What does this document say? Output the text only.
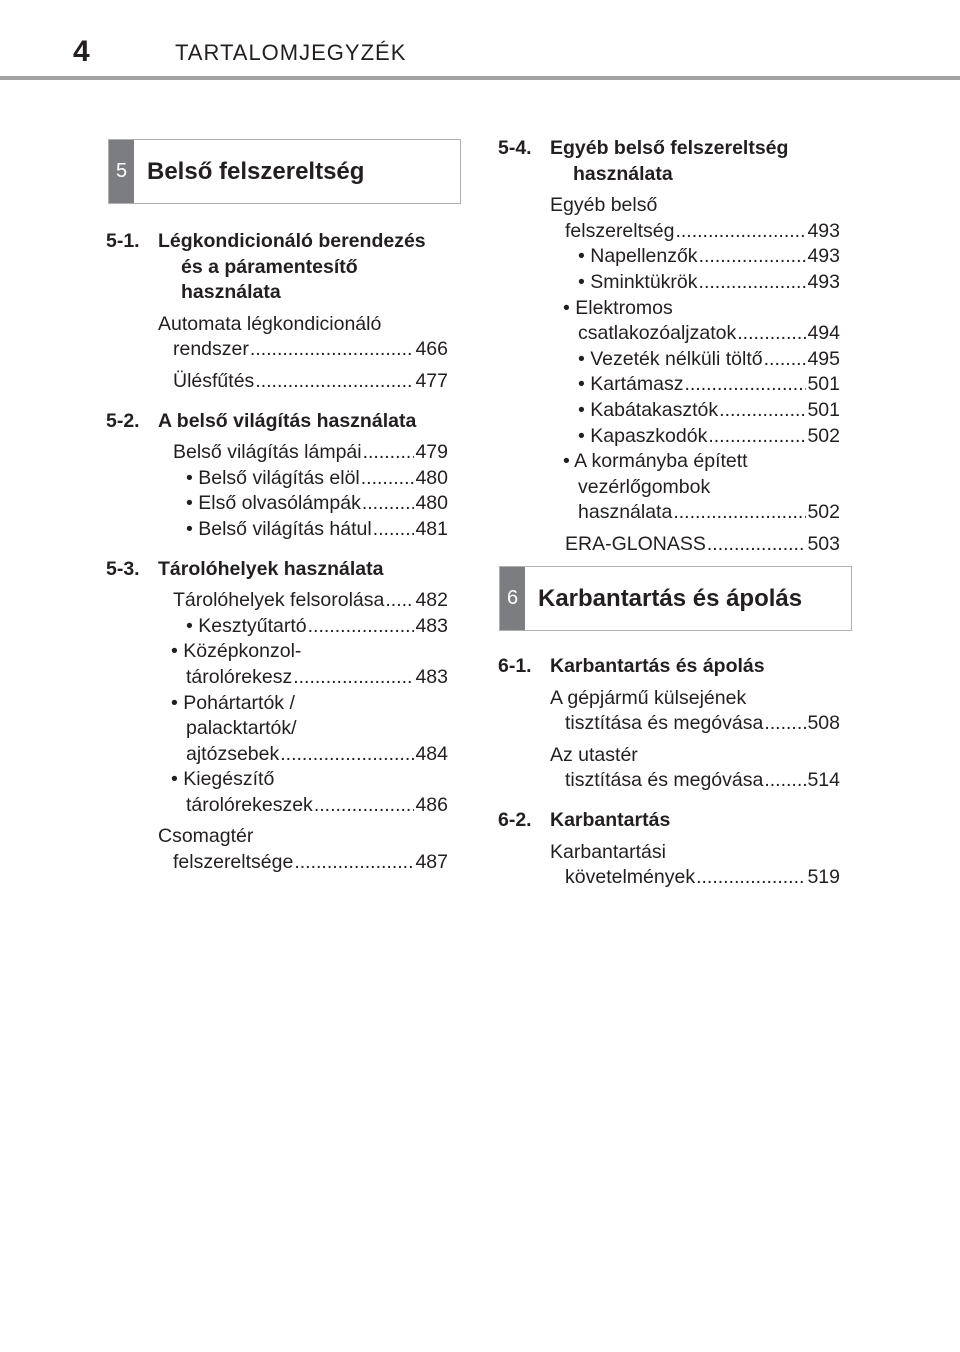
4	TARTALOMJEGYZÉK
5 Belső felszereltség
5-1. Légkondicionáló berendezés
és a páramentesítő
használata
Automata légkondicionáló
rendszer .....	466
Ülésfűtés .....	477
5-2. A belső világítás használata
Belső világítás lámpái .....	479
• Belső világítás elöl .....	480
• Első olvasólámpák .....	480
• Belső világítás hátul ..... 481
5-3. Tárolóhelyek használata
Tárolóhelyek felsorolása ..... 482
• Kesztyűtartó .....	483
• Középkonzol-
tárolórekesz .....	483
• Pohártartók /
palacktartók/
ajtózsebek .....	484
• Kiegészítő
tárolórekeszek .....	486
Csomagtér
felszereltsége .....	487
5-4. Egyéb belső felszereltség
használata
Egyéb belső
felszereltség .....	493
• Napellenzők .....	493
• Sminktükrök .....	493
• Elektromos
csatlakozóaljzatok .....	494
• Vezeték nélküli töltő ..... 495
• Kartámasz .....	501
• Kabátakasztók .....	501
• Kapaszkodók .....	502
• A kormányba épített
vezérlőgombok
használata .....	502
ERA-GLONASS .....	503
6 Karbantartás és ápolás
6-1. Karbantartás és ápolás
A gépjármű külsejének
tisztítása és megóvása ..... 508
Az utastér
tisztítása és megóvása ..... 514
6-2. Karbantartás
Karbantartási
követelmények .....	519
